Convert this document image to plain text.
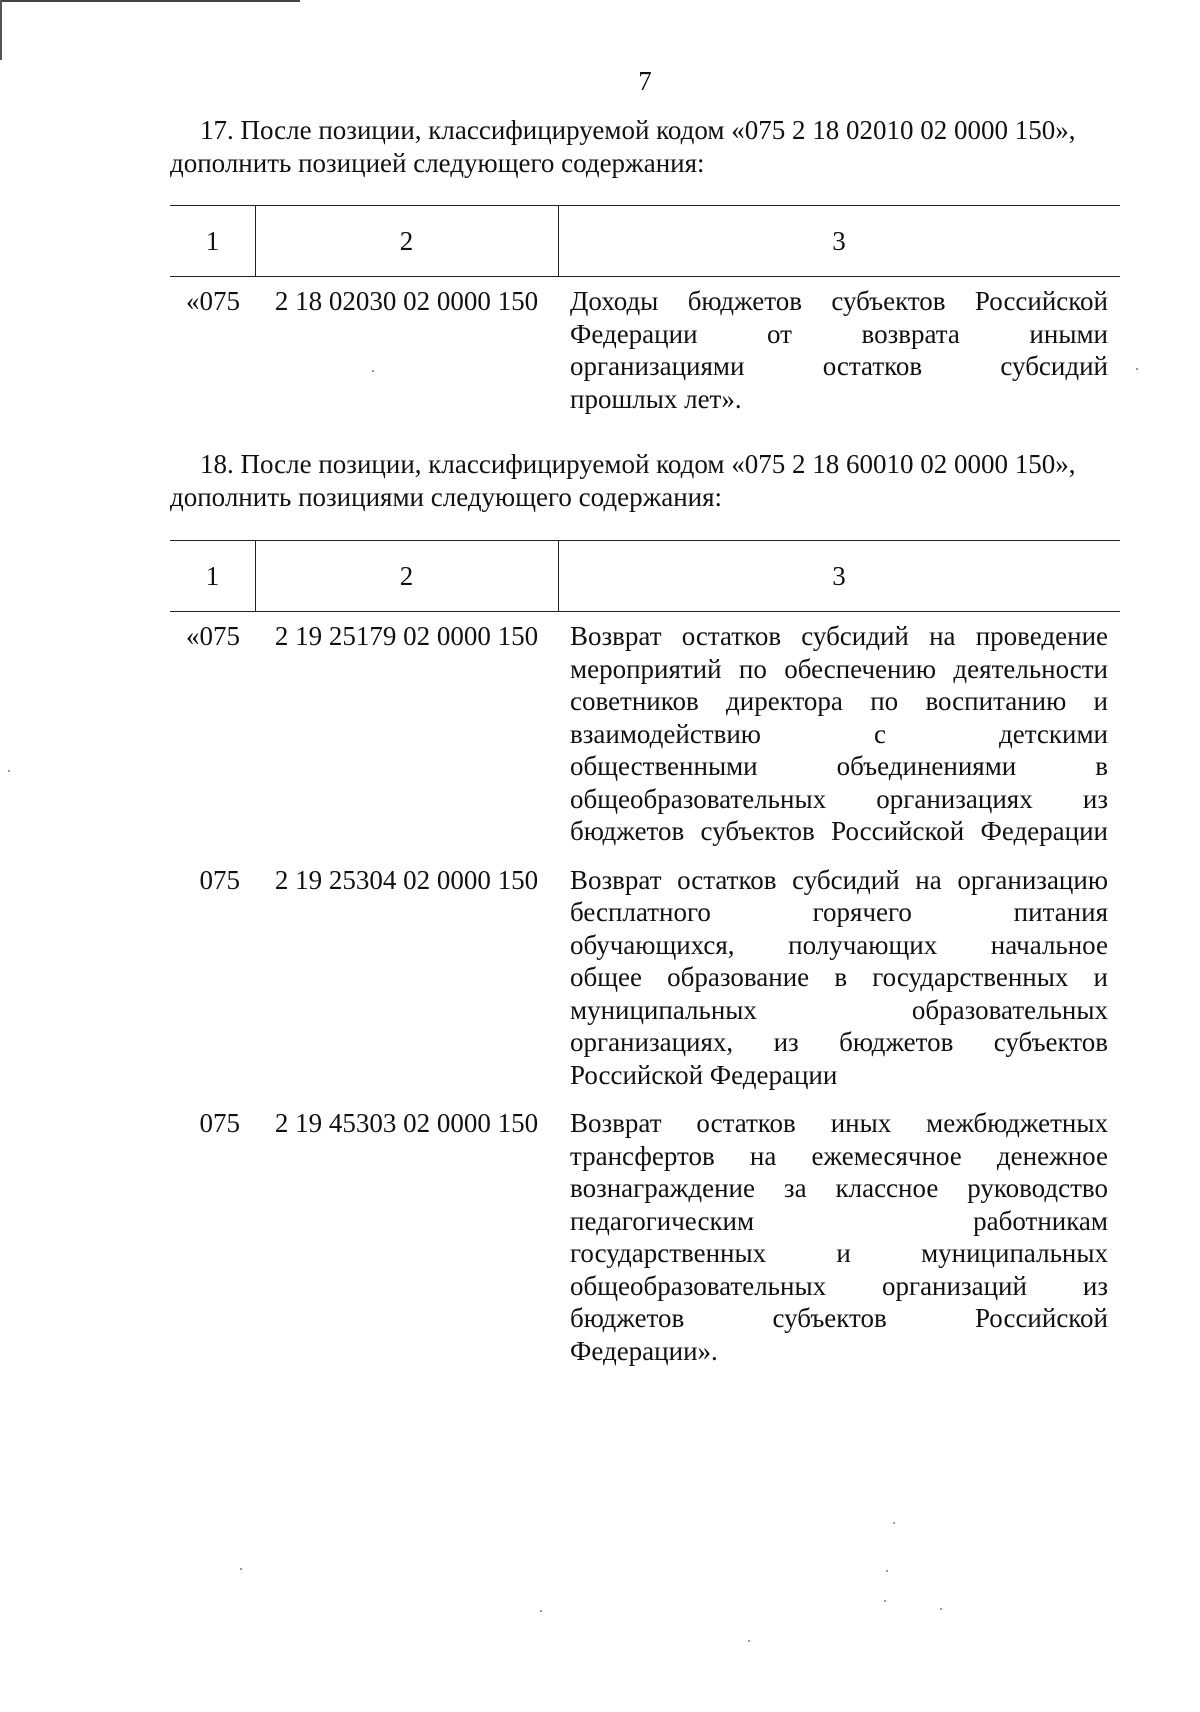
7
17. После позиции, классифицируемой кодом «075 2 18 02010 02 0000 150»,
дополнить позицией следующего содержания:
1	2	3
«075	2 18 02030 02 0000 150	Доходы бюджетов субъектов Российской
Федерации от возврата иными
организациями остатков субсидий
прошлых лет».
18. После позиции, классифицируемой кодом «075 2 18 60010 02 0000 150»,
дополнить позициями следующего содержания:
1	2	3
«075	2 19 25179 02 0000 150	Возврат остатков субсидий на проведение
мероприятий по обеспечению деятельности
советников директора по воспитанию и
взаимодействию с детскими
общественными объединениями в
общеобразовательных организациях из
бюджетов субъектов Российской Федерации
075	2 19 25304 02 0000 150	Возврат остатков субсидий на организацию
бесплатного горячего питания
обучающихся, получающих начальное
общее образование в государственных и
муниципальных образовательных
организациях, из бюджетов субъектов
Российской Федерации
075	2 19 45303 02 0000 150	Возврат остатков иных межбюджетных
трансфертов на ежемесячное денежное
вознаграждение за классное руководство
педагогическим работникам
государственных и муниципальных
общеобразовательных организаций из
бюджетов субъектов Российской
Федерации».
